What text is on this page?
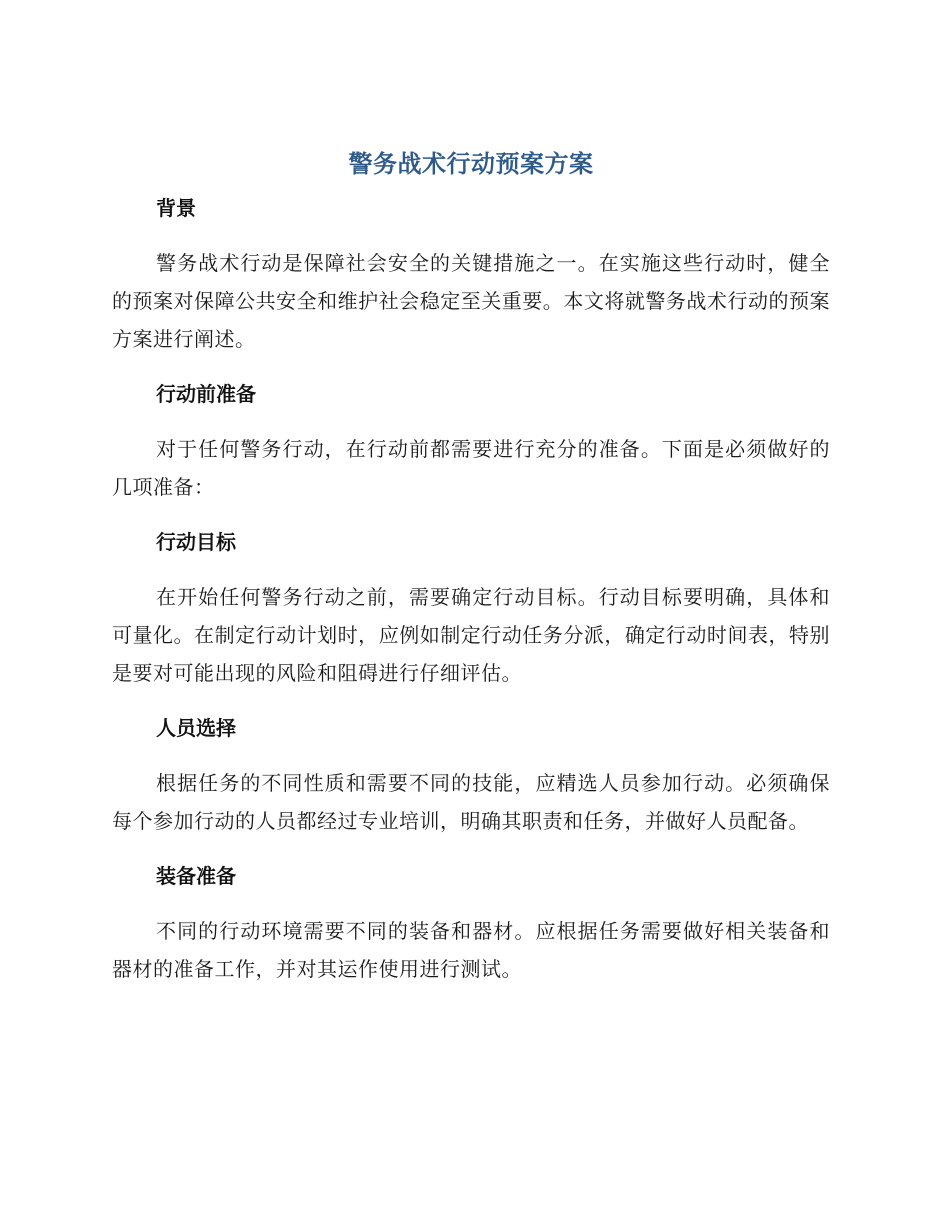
警务战术行动预案方案
背景

警务战术行动是保障社会安全的关键措施之一。在实施这些行动时，健全的预案对保障公共安全和维护社会稳定至关重要。本文将就警务战术行动的预案方案进行阐述。

行动前准备

对于任何警务行动，在行动前都需要进行充分的准备。下面是必须做好的几项准备：

行动目标

在开始任何警务行动之前，需要确定行动目标。行动目标要明确，具体和可量化。在制定行动计划时，应例如制定行动任务分派，确定行动时间表，特别是要对可能出现的风险和阻碍进行仔细评估。

人员选择

根据任务的不同性质和需要不同的技能，应精选人员参加行动。必须确保每个参加行动的人员都经过专业培训，明确其职责和任务，并做好人员配备。

装备准备

不同的行动环境需要不同的装备和器材。应根据任务需要做好相关装备和器材的准备工作，并对其运作使用进行测试。
